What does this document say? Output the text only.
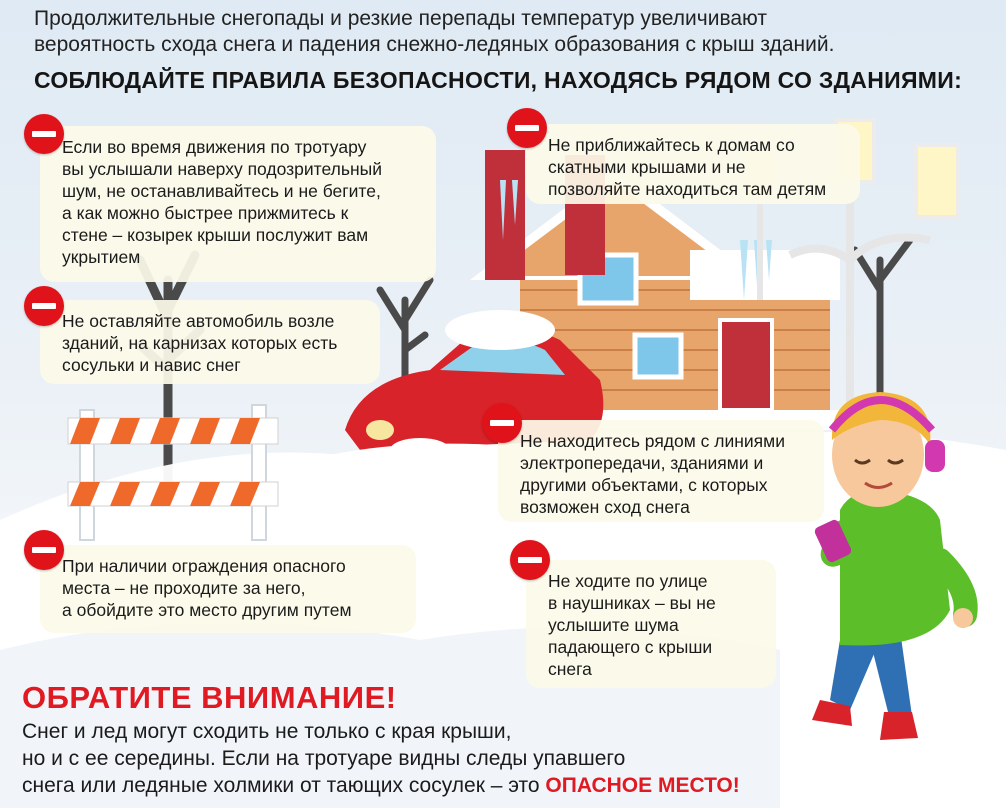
Продолжительные снегопады и резкие перепады температур увеличивают
вероятность схода снега и падения снежно-ледяных образования с крыш зданий.
СОБЛЮДАЙТЕ ПРАВИЛА БЕЗОПАСНОСТИ, НАХОДЯСЬ РЯДОМ СО ЗДАНИЯМИ:
Если во время движения по тротуару
вы услышали наверху подозрительный
шум, не останавливайтесь и не бегите,
а как можно быстрее прижмитесь к
стене – козырек крыши послужит вам
укрытием
Не оставляйте автомобиль возле
зданий, на карнизах которых есть
сосульки и навис снег
При наличии ограждения опасного
места – не проходите за него,
а обойдите это место другим путем
Не приближайтесь к домам со
скатными крышами и не
позволяйте находиться там детям
Не находитесь рядом с линиями
электропередачи, зданиями и
другими объектами, с которых
возможен сход снега
Не ходите по улице
в наушниках – вы не
услышите шума
падающего с крыши
снега
ОБРАТИТЕ ВНИМАНИЕ!
Снег и лед могут сходить не только с края крыши,
но и с ее середины. Если на тротуаре видны следы упавшего
снега или ледяные холмики от тающих сосулек – это ОПАСНОЕ МЕСТО!
